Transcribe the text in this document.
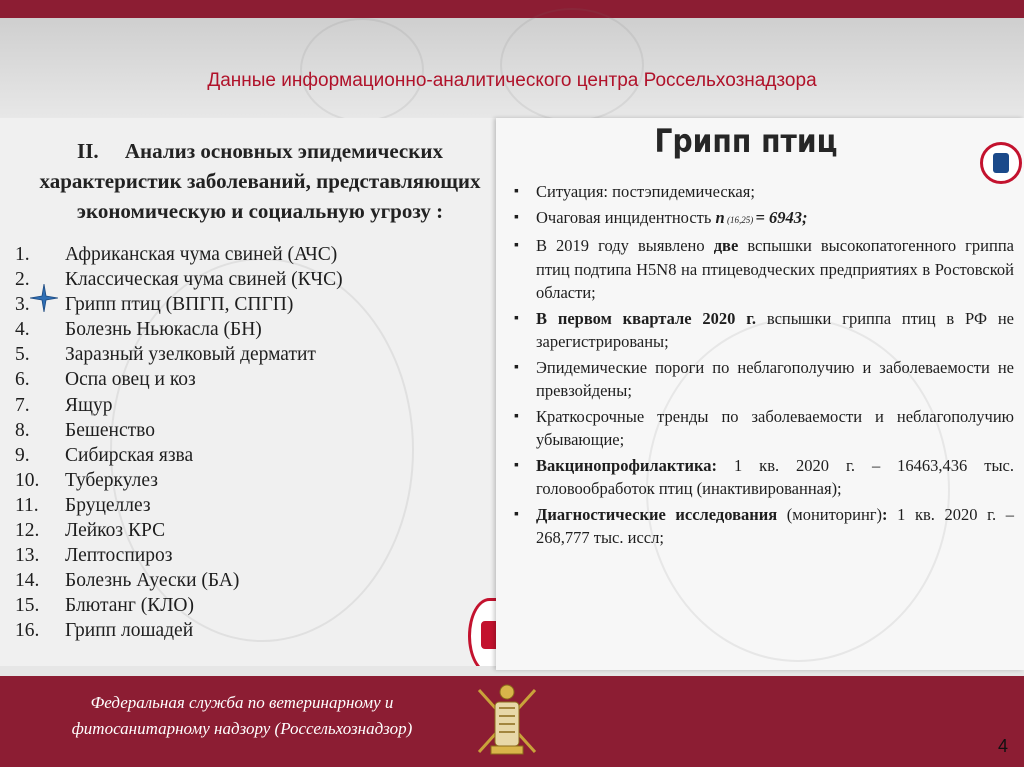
Данные информационно-аналитического центра Россельхознадзора
II.     Анализ основных эпидемических
характеристик заболеваний, представляющих
экономическую и социальную угрозу :
1. Африканская чума свиней (АЧС)
2. Классическая чума свиней (КЧС)
3. Грипп птиц (ВПГП, СПГП)
4. Болезнь Ньюкасла (БН)
5. Заразный узелковый дерматит
6. Оспа овец и коз
7. Ящур
8. Бешенство
9. Сибирская язва
10. Туберкулез
11. Бруцеллез
12. Лейкоз КРС
13. Лептоспироз
14. Болезнь Ауески (БА)
15. Блютанг (КЛО)
16. Грипп лошадей
Грипп птиц
▪ Ситуация: постэпидемическая;
▪ Очаговая инцидентность n (16,25) = 6943;
▪ В 2019 году выявлено две вспышки высокопатогенного гриппа птиц подтипа H5N8 на птицеводческих предприятиях в Ростовской области;
▪ В первом квартале 2020 г. вспышки гриппа птиц в РФ не зарегистрированы;
▪ Эпидемические пороги по неблагополучию и заболеваемости не превзойдены;
▪ Краткосрочные тренды по заболеваемости и неблагополучию убывающие;
▪ Вакцинопрофилактика: 1 кв. 2020 г. – 16463,436 тыс. головообработок птиц (инактивированная);
▪ Диагностические исследования (мониторинг): 1 кв. 2020 г. – 268,777 тыс. иссл;
Федеральная служба по ветеринарному и
фитосанитарному надзору (Россельхознадзор)
4
